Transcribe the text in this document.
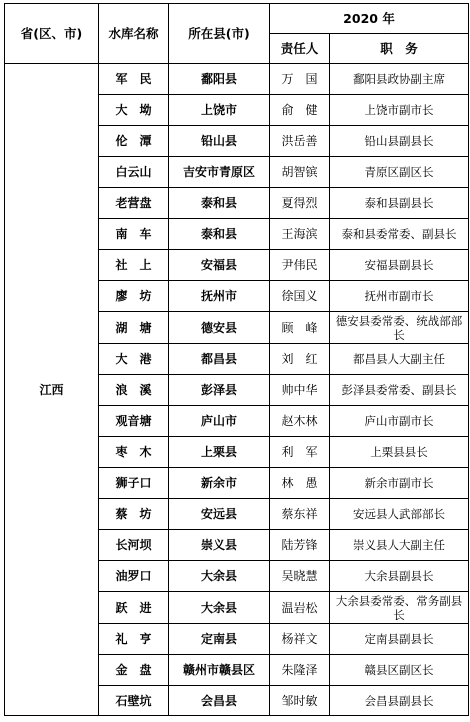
省(区、市)	水库名称	所在县(市)	2020 年	
			责任人	职　务
江西	军　民	鄱阳县	万　国	鄱阳县政协副主席
	大　坳	上饶市	俞　健	上饶市副市长
	伦　潭	铅山县	洪岳善	铅山县副县长
	白云山	吉安市青原区	胡智镔	青原区副区长
	老营盘	泰和县	夏得烈	泰和县副县长
	南　车	泰和县	王海滨	泰和县委常委、副县长
	社　上	安福县	尹伟民	安福县副县长
	廖　坊	抚州市	徐国义	抚州市副市长
	湖　塘	德安县	顾　峰	德安县委常委、统战部部长
	大　港	都昌县	刘　红	都昌县人大副主任
	浪　溪	彭泽县	帅中华	彭泽县委常委、副县长
	观音塘	庐山市	赵木林	庐山市副市长
	枣　木	上栗县	利　军	上栗县县长
	狮子口	新余市	林　愚	新余市副市长
	蔡　坊	安远县	蔡东祥	安远县人武部部长
	长河坝	崇义县	陆芳锋	崇义县人大副主任
	油罗口	大余县	吴晓慧	大余县副县长
	跃　进	大余县	温岩松	大余县委常委、常务副县长
	礼　亨	定南县	杨祥文	定南县副县长
	金　盘	赣州市赣县区	朱隆泽	赣县区副区长
	石壁坑	会昌县	邹时敏	会昌县副县长
